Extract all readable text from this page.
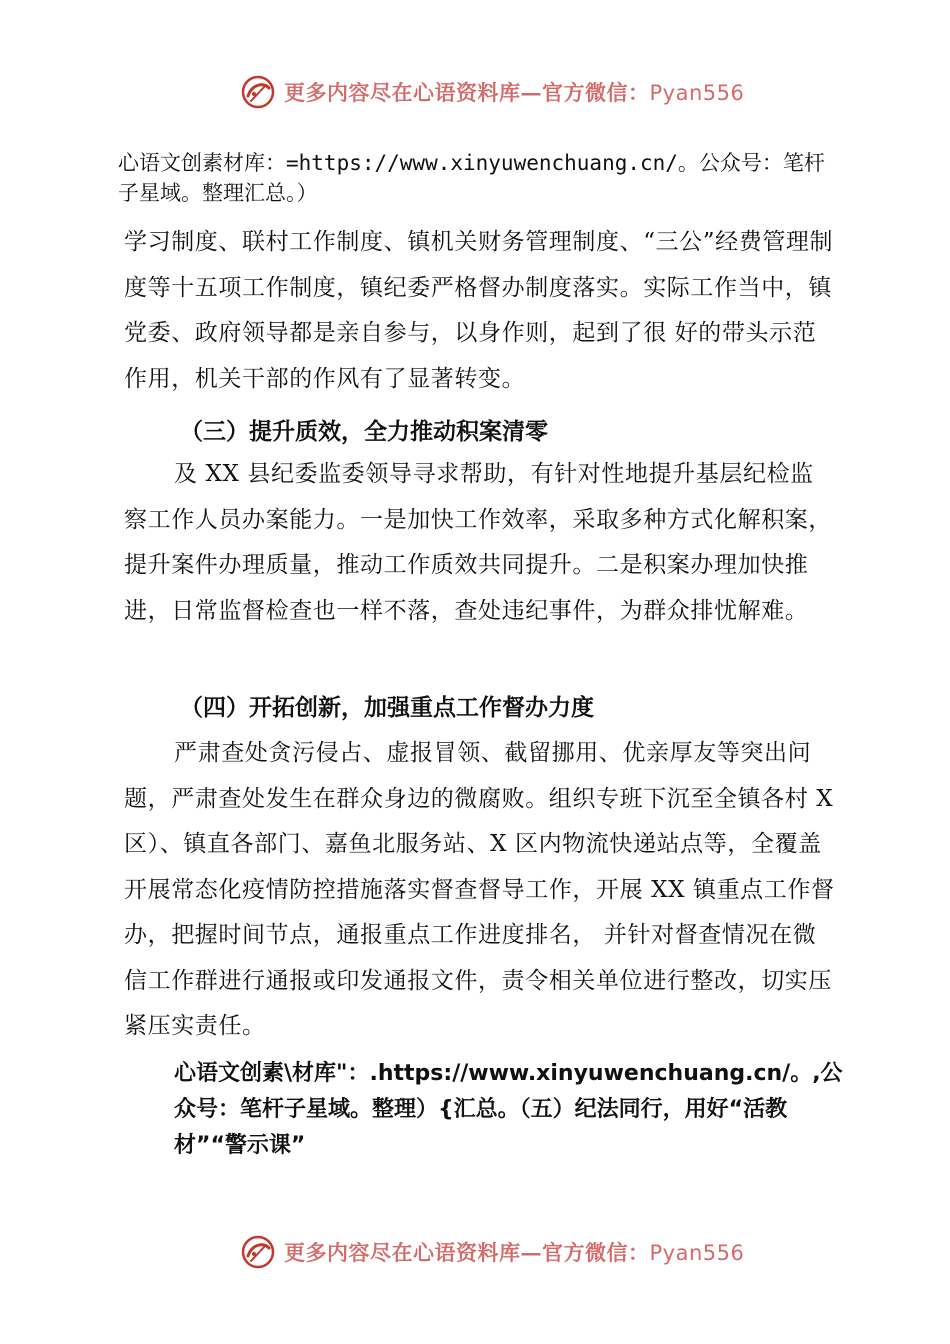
更多内容尽在心语资料库—官方微信：Pyan556

心语文创素材库：=https://www.xinyuwenchuang.cn/。公众号：笔杆子星域。整理汇总。）

学习制度、联村工作制度、镇机关财务管理制度、“三公”经费管理制度等十五项工作制度，镇纪委严格督办制度落实。实际工作当中，镇党委、政府领导都是亲自参与，以身作则，起到了很 好的带头示范作用，机关干部的作风有了显著转变。

（三）提升质效，全力推动积案清零

及 XX 县纪委监委领导寻求帮助，有针对性地提升基层纪检监察工作人员办案能力。一是加快工作效率，采取多种方式化解积案，提升案件办理质量，推动工作质效共同提升。二是积案办理加快推进，日常监督检查也一样不落，查处违纪事件，为群众排忧解难。

（四）开拓创新，加强重点工作督办力度

严肃查处贪污侵占、虚报冒领、截留挪用、优亲厚友等突出问题，严肃查处发生在群众身边的微腐败。组织专班下沉至全镇各村 X 区）、镇直各部门、嘉鱼北服务站、X 区内物流快递站点等，全覆盖开展常态化疫情防控措施落实督查督导工作，开展 XX 镇重点工作督办，把握时间节点，通报重点工作进度排名， 并针对督查情况在微信工作群进行通报或印发通报文件，责令相关单位进行整改，切实压紧压实责任。

心语文创素\材库"：.https://www.xinyuwenchuang.cn/。,公众号：笔杆子星域。整理）{汇总。（五）纪法同行，用好“活教材”“警示课”

更多内容尽在心语资料库—官方微信：Pyan556
